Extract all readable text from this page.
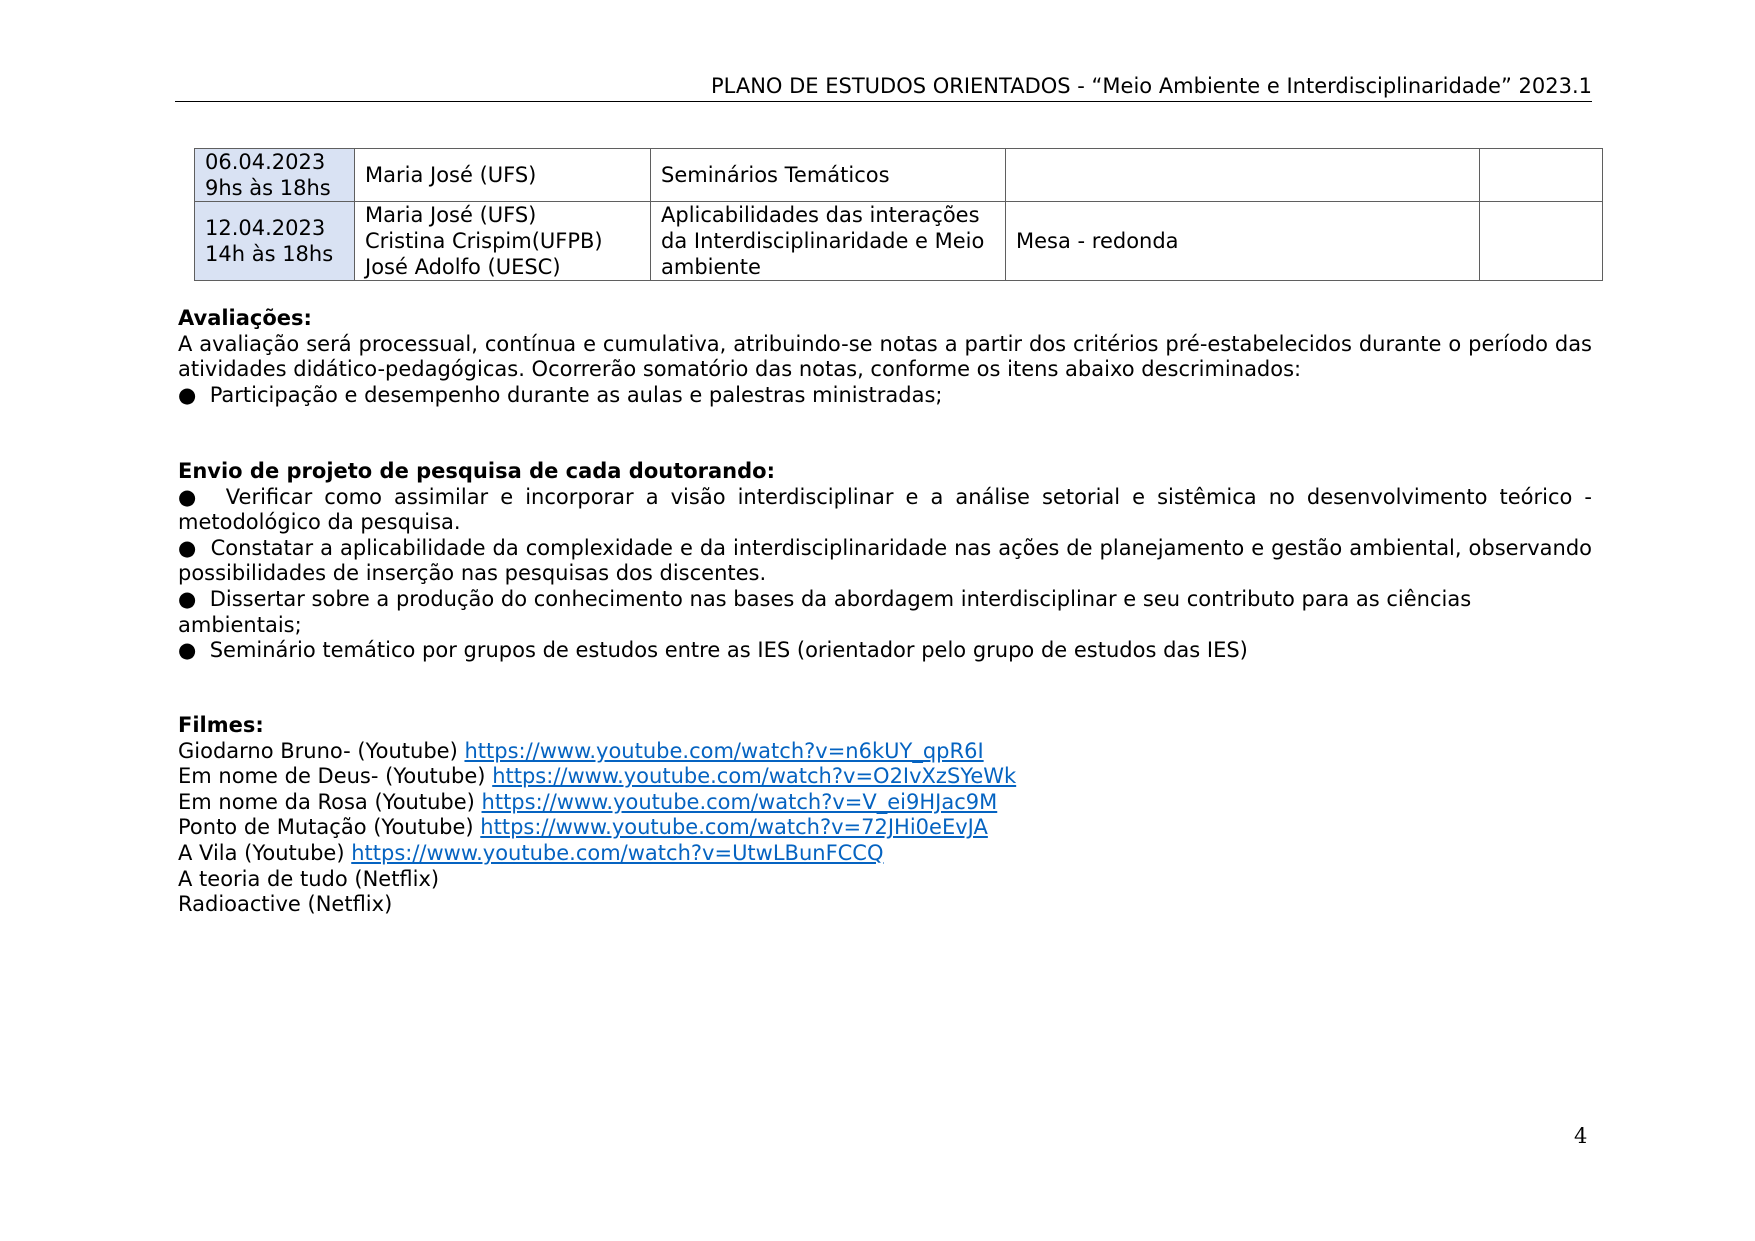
PLANO DE ESTUDOS ORIENTADOS - “Meio Ambiente e Interdisciplinaridade” 2023.1
06.04.2023
9hs às 18hs	Maria José (UFS)	Seminários Temáticos		

12.04.2023
14h às 18hs	Maria José (UFS)
Cristina Crispim(UFPB)
José Adolfo (UESC)	Aplicabilidades das interações
da Interdisciplinaridade e Meio
ambiente	Mesa - redonda	

Avaliações:

A avaliação será processual, contínua e cumulativa, atribuindo-se notas a partir dos critérios pré-estabelecidos durante o período das atividades didático-pedagógicas. Ocorrerão somatório das notas, conforme os itens abaixo descriminados:

● Participação e desempenho durante as aulas e palestras ministradas;

Envio de projeto de pesquisa de cada doutorando:

● Verificar como assimilar e incorporar a visão interdisciplinar e a análise setorial e sistêmica no desenvolvimento teórico - metodológico da pesquisa.

● Constatar a aplicabilidade da complexidade e da interdisciplinaridade nas ações de planejamento e gestão ambiental, observando possibilidades de inserção nas pesquisas dos discentes.

● Dissertar sobre a produção do conhecimento nas bases da abordagem interdisciplinar e seu contributo para as ciências ambientais;

● Seminário temático por grupos de estudos entre as IES (orientador pelo grupo de estudos das IES)

Filmes:

Giodarno Bruno- (Youtube) https://www.youtube.com/watch?v=n6kUY_qpR6I

Em nome de Deus- (Youtube) https://www.youtube.com/watch?v=O2IvXzSYeWk

Em nome da Rosa (Youtube) https://www.youtube.com/watch?v=V_ei9HJac9M

Ponto de Mutação (Youtube) https://www.youtube.com/watch?v=72JHi0eEvJA

A Vila (Youtube) https://www.youtube.com/watch?v=UtwLBunFCCQ

A teoria de tudo (Netflix)

Radioactive (Netflix)

4
